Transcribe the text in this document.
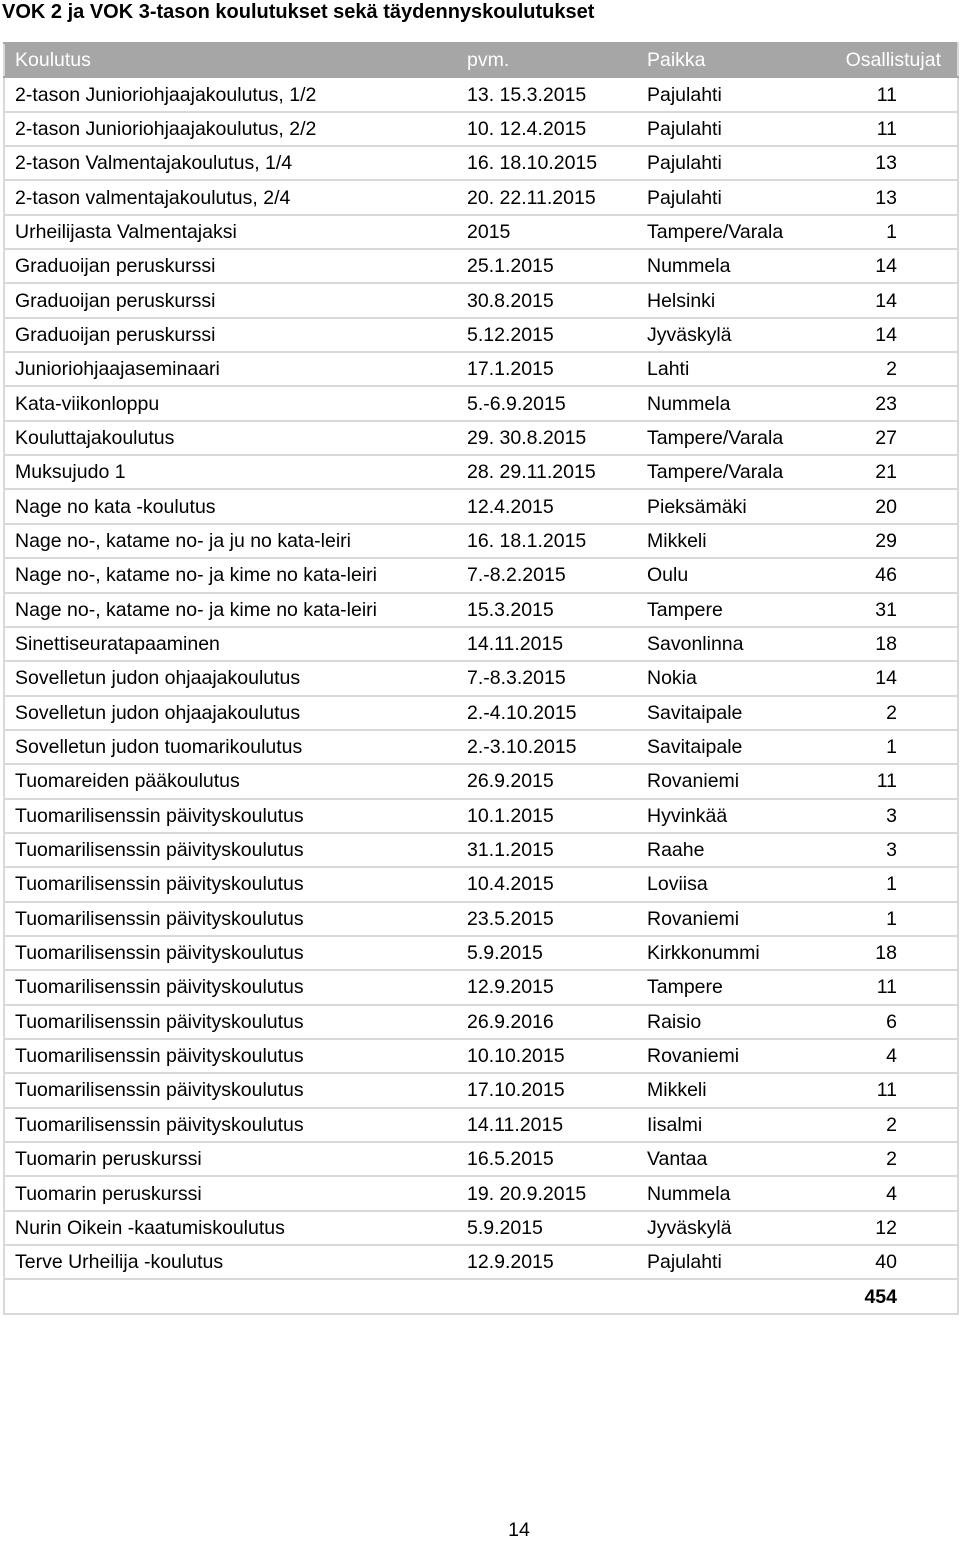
VOK 2 ja VOK 3-tason koulutukset sekä täydennyskoulutukset
Koulutus	pvm.	Paikka	Osallistujat
2-tason Junioriohjaajakoulutus, 1/2	13. 15.3.2015	Pajulahti	11
2-tason Junioriohjaajakoulutus, 2/2	10. 12.4.2015	Pajulahti	11
2-tason Valmentajakoulutus, 1/4	16. 18.10.2015	Pajulahti	13
2-tason valmentajakoulutus, 2/4	20. 22.11.2015	Pajulahti	13
Urheilijasta Valmentajaksi	2015	Tampere/Varala	1
Graduoijan peruskurssi	25.1.2015	Nummela	14
Graduoijan peruskurssi	30.8.2015	Helsinki	14
Graduoijan peruskurssi	5.12.2015	Jyväskylä	14
Junioriohjaajaseminaari	17.1.2015	Lahti	2
Kata-viikonloppu	5.-6.9.2015	Nummela	23
Kouluttajakoulutus	29. 30.8.2015	Tampere/Varala	27
Muksujudo 1	28. 29.11.2015	Tampere/Varala	21
Nage no kata -koulutus	12.4.2015	Pieksämäki	20
Nage no-, katame no- ja ju no kata-leiri	16. 18.1.2015	Mikkeli	29
Nage no-, katame no- ja kime no kata-leiri	7.-8.2.2015	Oulu	46
Nage no-, katame no- ja kime no kata-leiri	15.3.2015	Tampere	31
Sinettiseuratapaaminen	14.11.2015	Savonlinna	18
Sovelletun judon ohjaajakoulutus	7.-8.3.2015	Nokia	14
Sovelletun judon ohjaajakoulutus	2.-4.10.2015	Savitaipale	2
Sovelletun judon tuomarikoulutus	2.-3.10.2015	Savitaipale	1
Tuomareiden pääkoulutus	26.9.2015	Rovaniemi	11
Tuomarilisenssin päivityskoulutus	10.1.2015	Hyvinkää	3
Tuomarilisenssin päivityskoulutus	31.1.2015	Raahe	3
Tuomarilisenssin päivityskoulutus	10.4.2015	Loviisa	1
Tuomarilisenssin päivityskoulutus	23.5.2015	Rovaniemi	1
Tuomarilisenssin päivityskoulutus	5.9.2015	Kirkkonummi	18
Tuomarilisenssin päivityskoulutus	12.9.2015	Tampere	11
Tuomarilisenssin päivityskoulutus	26.9.2016	Raisio	6
Tuomarilisenssin päivityskoulutus	10.10.2015	Rovaniemi	4
Tuomarilisenssin päivityskoulutus	17.10.2015	Mikkeli	11
Tuomarilisenssin päivityskoulutus	14.11.2015	Iisalmi	2
Tuomarin peruskurssi	16.5.2015	Vantaa	2
Tuomarin peruskurssi	19. 20.9.2015	Nummela	4
Nurin Oikein -kaatumiskoulutus	5.9.2015	Jyväskylä	12
Terve Urheilija -koulutus	12.9.2015	Pajulahti	40
			454
14
